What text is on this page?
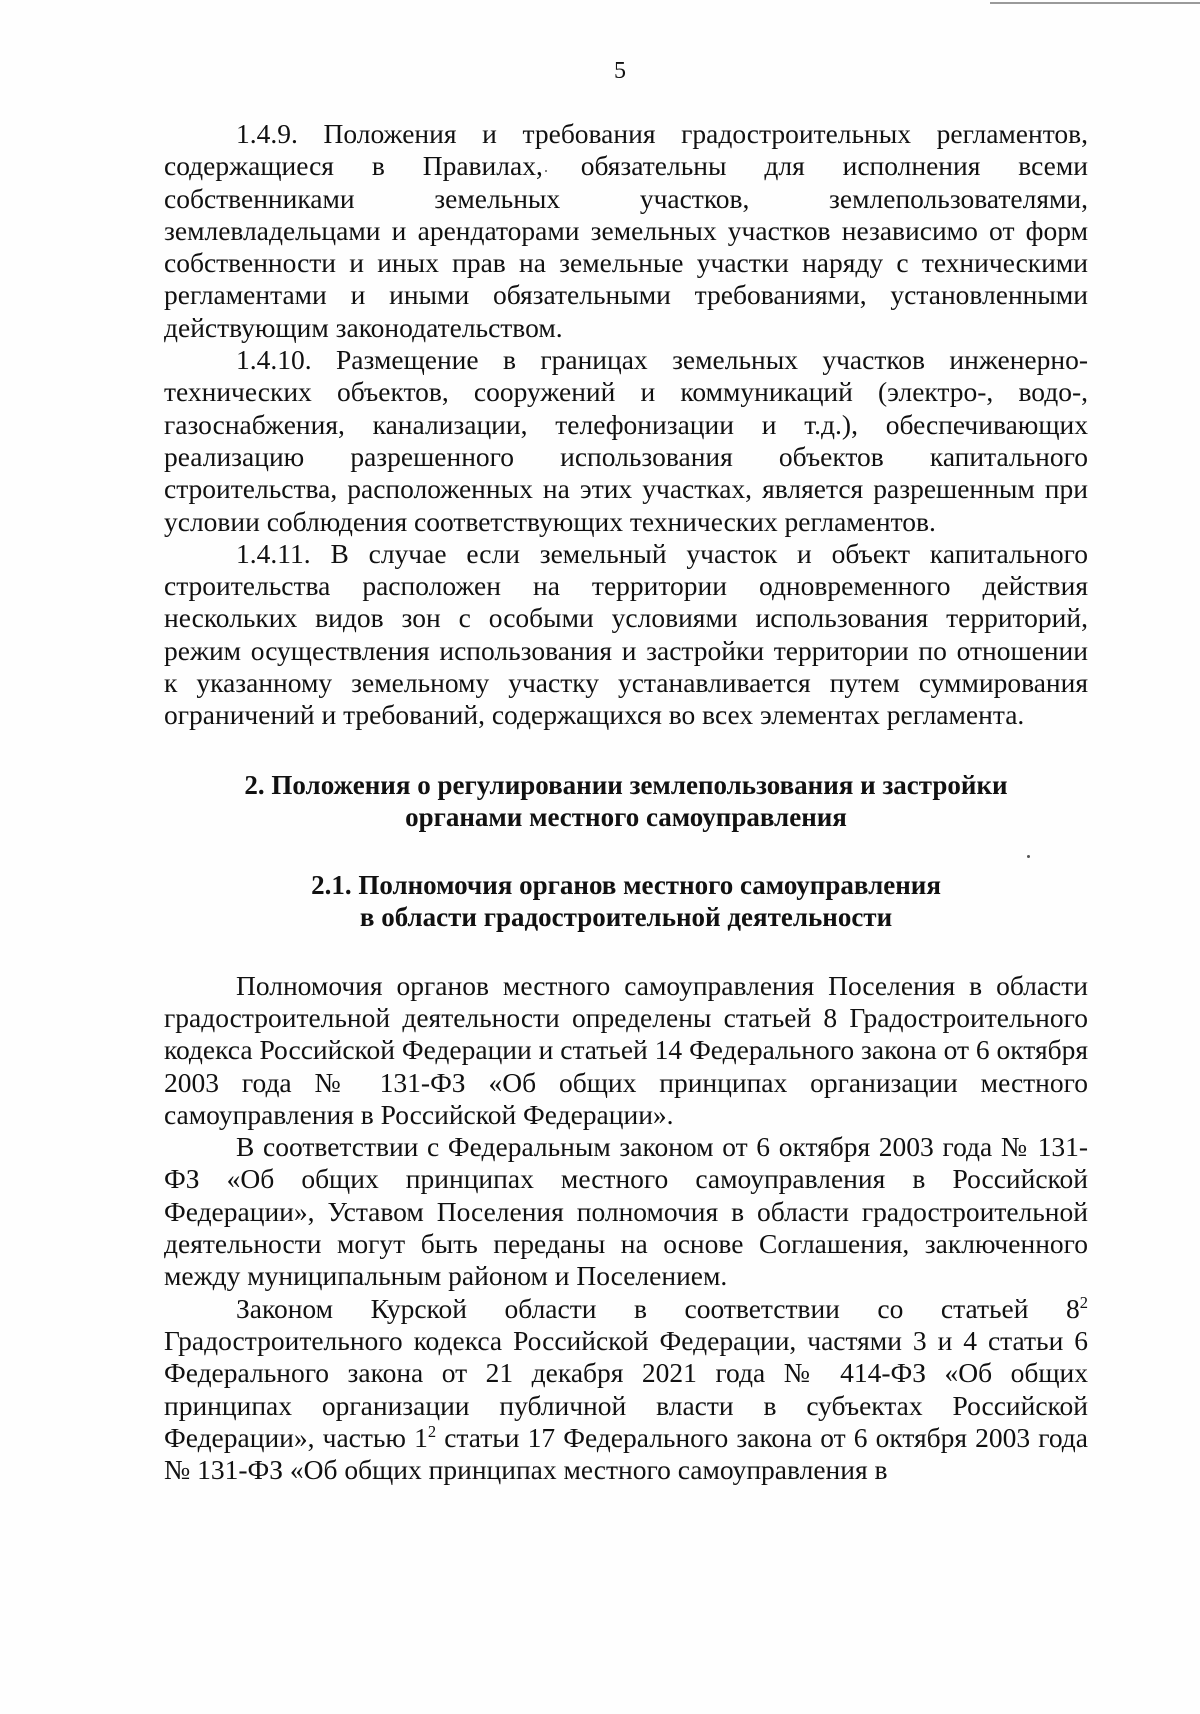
5

1.4.9. Положения и требования градостроительных регламентов, содержащиеся в Правилах, обязательны для исполнения всеми собственниками земельных участков, землепользователями, землевладельцами и арендаторами земельных участков независимо от форм собственности и иных прав на земельные участки наряду с техническими регламентами и иными обязательными требованиями, установленными действующим законодательством.

1.4.10. Размещение в границах земельных участков инженерно-технических объектов, сооружений и коммуникаций (электро-, водо-, газоснабжения, канализации, телефонизации и т.д.), обеспечивающих реализацию разрешенного использования объектов капитального строительства, расположенных на этих участках, является разрешенным при условии соблюдения соответствующих технических регламентов.

1.4.11. В случае если земельный участок и объект капитального строительства расположен на территории одновременного действия нескольких видов зон с особыми условиями использования территорий, режим осуществления использования и застройки территории по отношении к указанному земельному участку устанавливается путем суммирования ограничений и требований, содержащихся во всех элементах регламента.

2. Положения о регулировании землепользования и застройки
органами местного самоуправления
2.1. Полномочия органов местного самоуправления
в области градостроительной деятельности

Полномочия органов местного самоуправления Поселения в области градостроительной деятельности определены статьей 8 Градостроительного кодекса Российской Федерации и статьей 14 Федерального закона от 6 октября 2003 года № 131-ФЗ «Об общих принципах организации местного самоуправления в Российской Федерации».

В соответствии с Федеральным законом от 6 октября 2003 года № 131-ФЗ «Об общих принципах местного самоуправления в Российской Федерации», Уставом Поселения полномочия в области градостроительной деятельности могут быть переданы на основе Соглашения, заключенного между муниципальным районом и Поселением.

Законом Курской области в соответствии со статьей $8^2$ Градостроительного кодекса Российской Федерации, частями 3 и 4 статьи 6 Федерального закона от 21 декабря 2021 года № 414-ФЗ «Об общих принципах организации публичной власти в субъектах Российской Федерации», частью $1^2$ статьи 17 Федерального закона от 6 октября 2003 года № 131-ФЗ «Об общих принципах местного самоуправления в
